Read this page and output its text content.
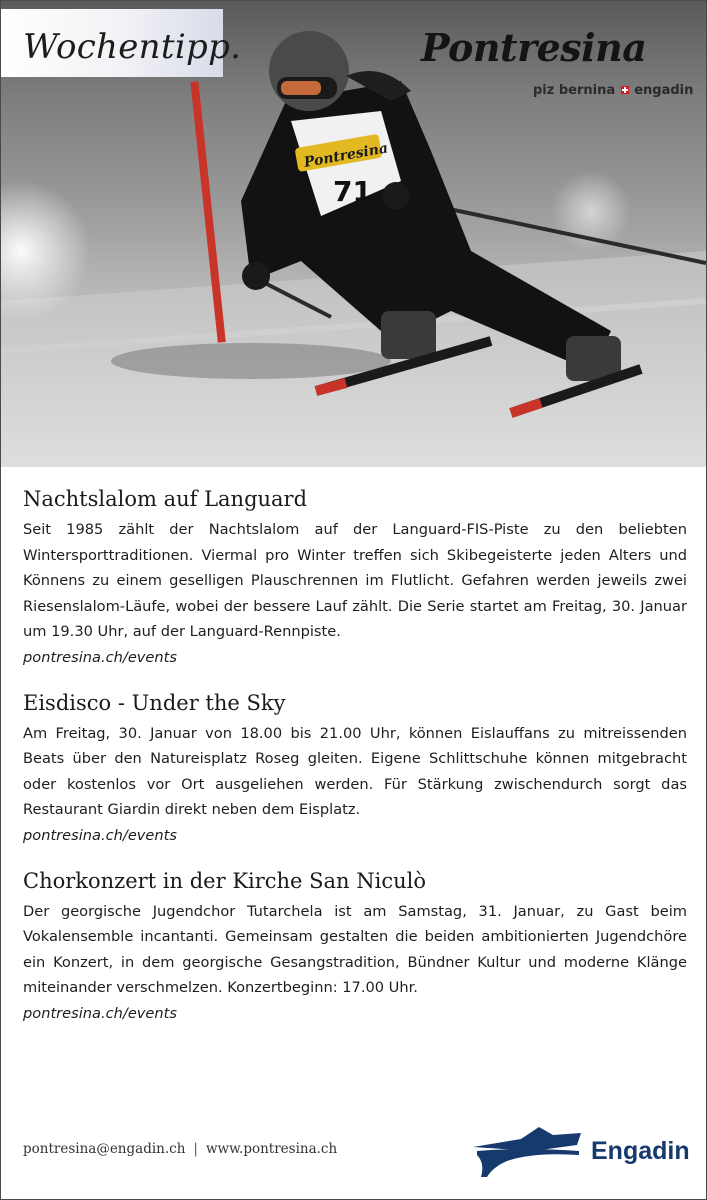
Pontresina
71
Wochentipp.	Pontresina
piz bernina engadin
Nachtslalom auf Languard

Seit 1985 zählt der Nachtslalom auf der Languard-FIS-Piste zu den beliebten Wintersporttraditionen. Viermal pro Winter treffen sich Skibegeisterte jeden Alters und Könnens zu einem geselligen Plauschrennen im Flutlicht. Gefahren werden jeweils zwei Riesenslalom-Läufe, wobei der bessere Lauf zählt. Die Serie startet am Freitag, 30. Januar um 19.30 Uhr, auf der Languard-Rennpiste.

pontresina.ch/events
Eisdisco - Under the Sky

Am Freitag, 30. Januar von 18.00 bis 21.00 Uhr, können Eislauffans zu mitreissenden Beats über den Natureisplatz Roseg gleiten. Eigene Schlittschuhe können mitgebracht oder kostenlos vor Ort ausgeliehen werden. Für Stärkung zwischendurch sorgt das Restaurant Giardin direkt neben dem Eisplatz.

pontresina.ch/events
Chorkonzert in der Kirche San Niculò

Der georgische Jugendchor Tutarchela ist am Samstag, 31. Januar, zu Gast beim Vokalensemble incantanti. Gemeinsam gestalten die beiden ambitionierten Jugendchöre ein Konzert, in dem georgische Gesangstradition, Bündner Kultur und moderne Klänge miteinander verschmelzen. Konzertbeginn: 17.00 Uhr.

pontresina.ch/events
pontresina@engadin.ch | www.pontresina.ch	Engadin
